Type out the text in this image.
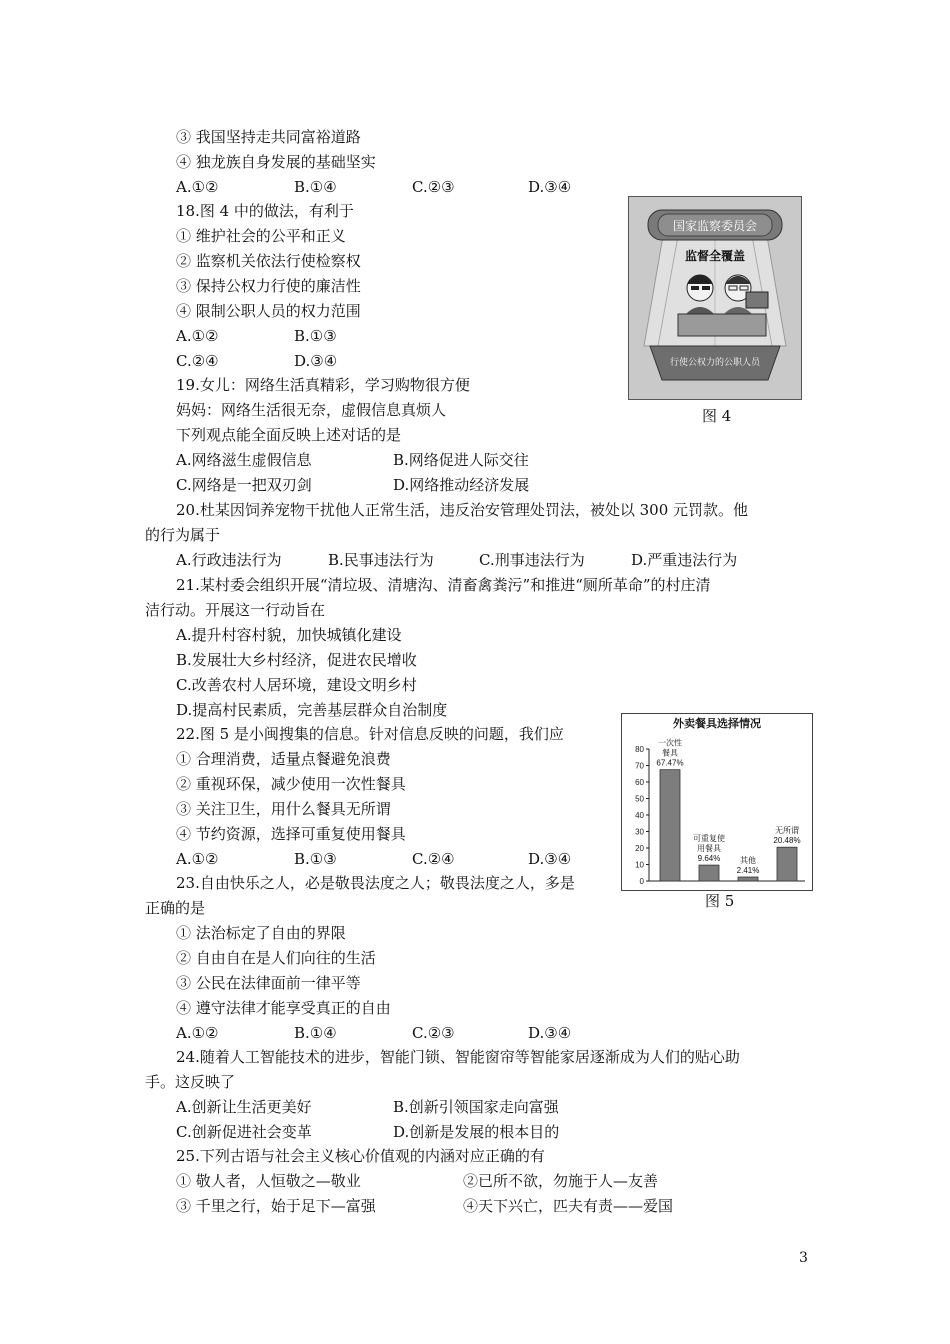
③ 我国坚持走共同富裕道路
④ 独龙族自身发展的基础坚实
A.①②	B.①④	C.②③	D.③④
18.图 4 中的做法，有利于
① 维护社会的公平和正义
② 监察机关依法行使检察权
③ 保持公权力行使的廉洁性
④ 限制公职人员的权力范围
A.①②	B.①③
C.②④	D.③④
19.女儿：网络生活真精彩，学习购物很方便
妈妈：网络生活很无奈，虚假信息真烦人
下列观点能全面反映上述对话的是
A.网络滋生虚假信息	B.网络促进人际交往
C.网络是一把双刃剑	D.网络推动经济发展
20.杜某因饲养宠物干扰他人正常生活，违反治安管理处罚法，被处以 300 元罚款。他
的行为属于
A.行政违法行为	B.民事违法行为	C.刑事违法行为	D.严重违法行为
21.某村委会组织开展“清垃圾、清塘沟、清畜禽粪污”和推进“厕所革命”的村庄清
洁行动。开展这一行动旨在
A.提升村容村貌，加快城镇化建设
B.发展壮大乡村经济，促进农民增收
C.改善农村人居环境，建设文明乡村
D.提高村民素质，完善基层群众自治制度
22.图 5 是小闽搜集的信息。针对信息反映的问题，我们应
① 合理消费，适量点餐避免浪费
② 重视环保，减少使用一次性餐具
③ 关注卫生，用什么餐具无所谓
④ 节约资源，选择可重复使用餐具
A.①②	B.①③	C.②④	D.③④
23.自由快乐之人，必是敬畏法度之人；敬畏法度之人，多是
正确的是
① 法治标定了自由的界限
② 自由自在是人们向往的生活
③ 公民在法律面前一律平等
④ 遵守法律才能享受真正的自由
A.①②	B.①④	C.②③	D.③④
24.随着人工智能技术的进步，智能门锁、智能窗帘等智能家居逐渐成为人们的贴心助
手。这反映了
A.创新让生活更美好	B.创新引领国家走向富强
C.创新促进社会变革	D.创新是发展的根本目的
25.下列古语与社会主义核心价值观的内涵对应正确的有
① 敬人者，人恒敬之—敬业	②已所不欲，勿施于人—友善
③ 千里之行，始于足下—富强	④天下兴亡，匹夫有责——爱国
国家监察委员会
监督全覆盖
行使公权力的公职人员
图 4
外卖餐具选择情况
0
10
20
30
40
50
60
70
80
一次性
餐具
67.47%
可重复使
用餐具
9.64% 其他
2.41%
无所谓
20.48%
图 5
3
